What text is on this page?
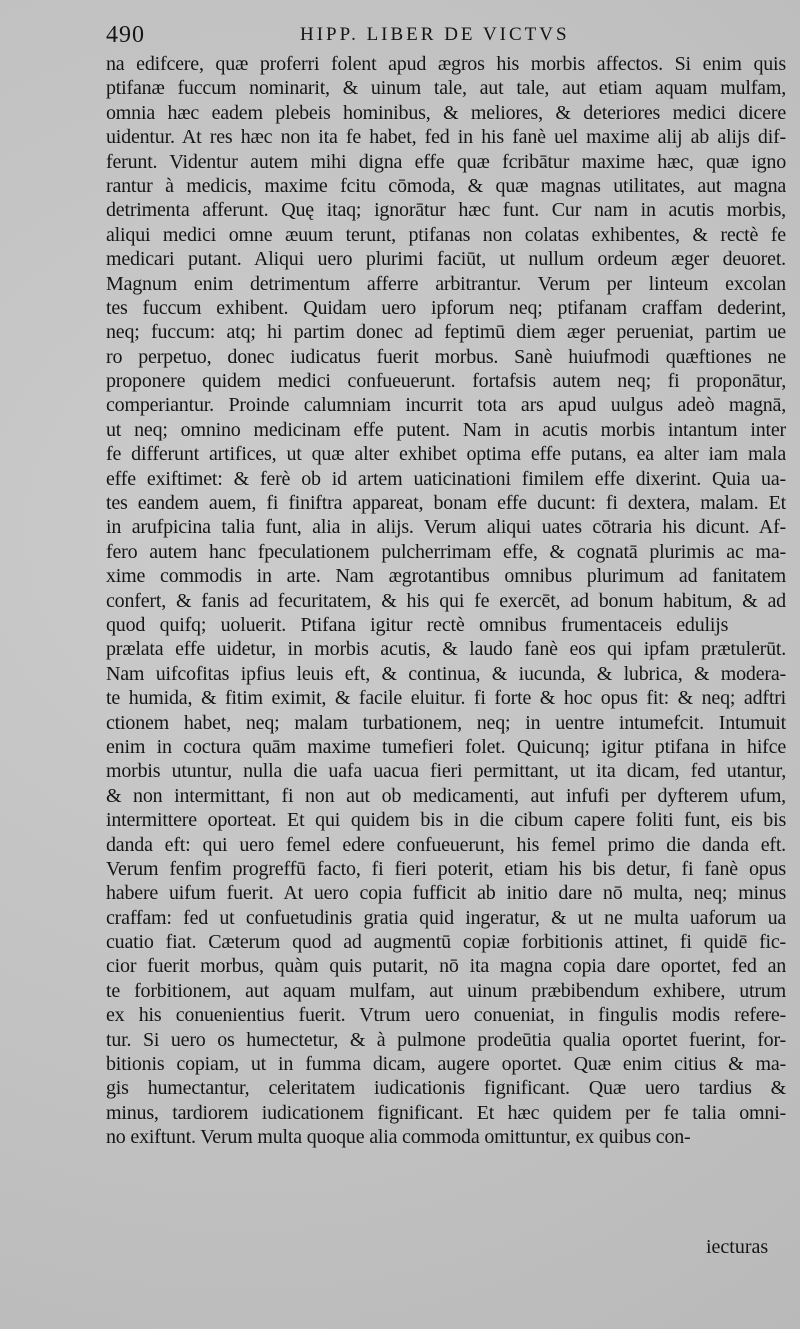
490	HIPP. LIBER DE VICTVS
na edifcere, quæ proferri folent apud ægros his morbis affectos. Si enim quis
ptifanæ fuccum nominarit, & uinum tale, aut tale, aut etiam aquam mulfam,
omnia hæc eadem plebeis hominibus, & meliores, & deteriores medici dicere
uidentur. At res hæc non ita fe habet, fed in his fanè uel maxime alij ab alijs dif-
ferunt. Videntur autem mihi digna effe quæ fcribātur maxime hæc, quæ igno
rantur à medicis, maxime fcitu cōmoda, & quæ magnas utilitates, aut magna
detrimenta afferunt. Quę itaq; ignorātur hæc funt. Cur nam in acutis morbis,
aliqui medici omne æuum terunt, ptifanas non colatas exhibentes, & rectè fe
medicari putant. Aliqui uero plurimi faciūt, ut nullum ordeum æger deuoret.
Magnum enim detrimentum afferre arbitrantur. Verum per linteum excolan
tes fuccum exhibent. Quidam uero ipforum neq; ptifanam craffam dederint,
neq; fuccum: atq; hi partim donec ad feptimū diem æger perueniat, partim ue
ro perpetuo, donec iudicatus fuerit morbus. Sanè huiufmodi quæftiones ne
proponere quidem medici confueuerunt. fortafsis autem neq; fi proponātur,
comperiantur. Proinde calumniam incurrit tota ars apud uulgus adeò magnā,
ut neq; omnino medicinam effe putent. Nam in acutis morbis intantum inter
fe differunt artifices, ut quæ alter exhibet optima effe putans, ea alter iam mala
effe exiftimet: & ferè ob id artem uaticinationi fimilem effe dixerint. Quia ua-
tes eandem auem, fi finiftra appareat, bonam effe ducunt: fi dextera, malam. Et
in arufpicina talia funt, alia in alijs. Verum aliqui uates cōtraria his dicunt. Af-
fero autem hanc fpeculationem pulcherrimam effe, & cognatā plurimis ac ma-
xime commodis in arte. Nam ægrotantibus omnibus plurimum ad fanitatem
confert, & fanis ad fecuritatem, & his qui fe exercēt, ad bonum habitum, & ad
quod quifq; uoluerit. Ptifana igitur rectè omnibus frumentaceis edulijs
prælata effe uidetur, in morbis acutis, & laudo fanè eos qui ipfam prætulerūt.
Nam uifcofitas ipfius leuis eft, & continua, & iucunda, & lubrica, & modera-
te humida, & fitim eximit, & facile eluitur. fi forte & hoc opus fit: & neq; adftri
ctionem habet, neq; malam turbationem, neq; in uentre intumefcit. Intumuit
enim in coctura quām maxime tumefieri folet. Quicunq; igitur ptifana in hifce
morbis utuntur, nulla die uafa uacua fieri permittant, ut ita dicam, fed utantur,
& non intermittant, fi non aut ob medicamenti, aut infufi per dyfterem ufum,
intermittere oporteat. Et qui quidem bis in die cibum capere foliti funt, eis bis
danda eft: qui uero femel edere confueuerunt, his femel primo die danda eft.
Verum fenfim progreffū facto, fi fieri poterit, etiam his bis detur, fi fanè opus
habere uifum fuerit. At uero copia fufficit ab initio dare nō multa, neq; minus
craffam: fed ut confuetudinis gratia quid ingeratur, & ut ne multa uaforum ua
cuatio fiat. Cæterum quod ad augmentū copiæ forbitionis attinet, fi quidē fic-
cior fuerit morbus, quàm quis putarit, nō ita magna copia dare oportet, fed an
te forbitionem, aut aquam mulfam, aut uinum præbibendum exhibere, utrum
ex his conuenientius fuerit. Vtrum uero conueniat, in fingulis modis refere-
tur. Si uero os humectetur, & à pulmone prodeūtia qualia oportet fuerint, for-
bitionis copiam, ut in fumma dicam, augere oportet. Quæ enim citius & ma-
gis humectantur, celeritatem iudicationis fignificant. Quæ uero tardius &
minus, tardiorem iudicationem fignificant. Et hæc quidem per fe talia omni-
no exiftunt. Verum multa quoque alia commoda omittuntur, ex quibus con-
iecturas
